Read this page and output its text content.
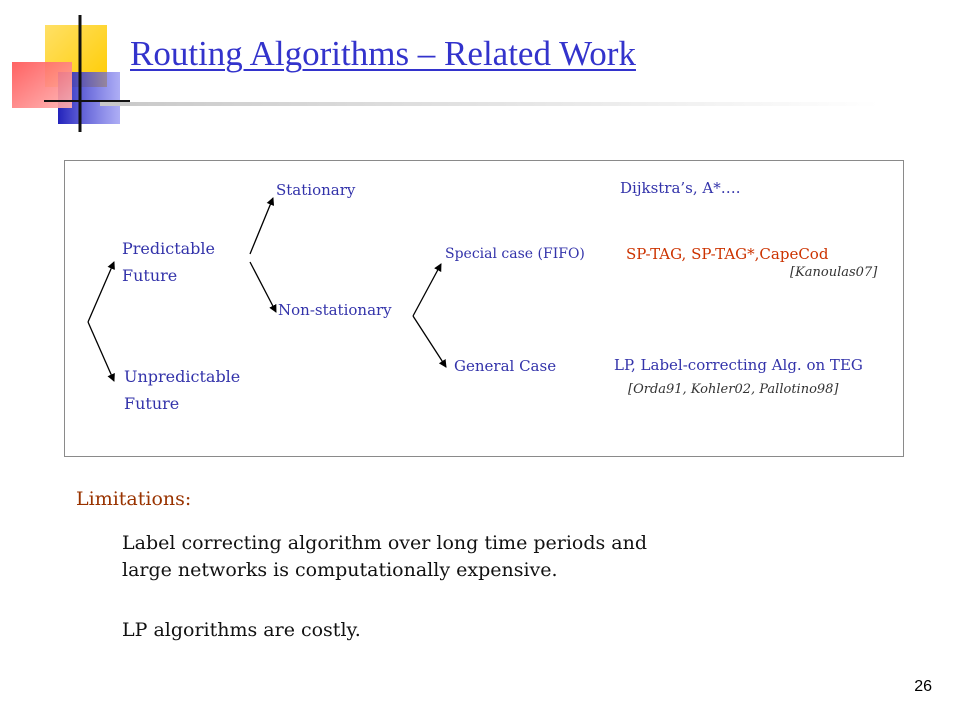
Routing Algorithms – Related Work
Predictable
Future
Unpredictable
Future
Stationary
Non-stationary
Special case (FIFO)
General Case
Dijkstra’s, A*….
SP-TAG, SP-TAG*,CapeCod
[Kanoulas07]
LP, Label-correcting Alg. on TEG
[Orda91, Kohler02, Pallotino98]
Limitations:
Label correcting algorithm over long time periods and
large networks is computationally expensive.
LP algorithms are costly.
26
